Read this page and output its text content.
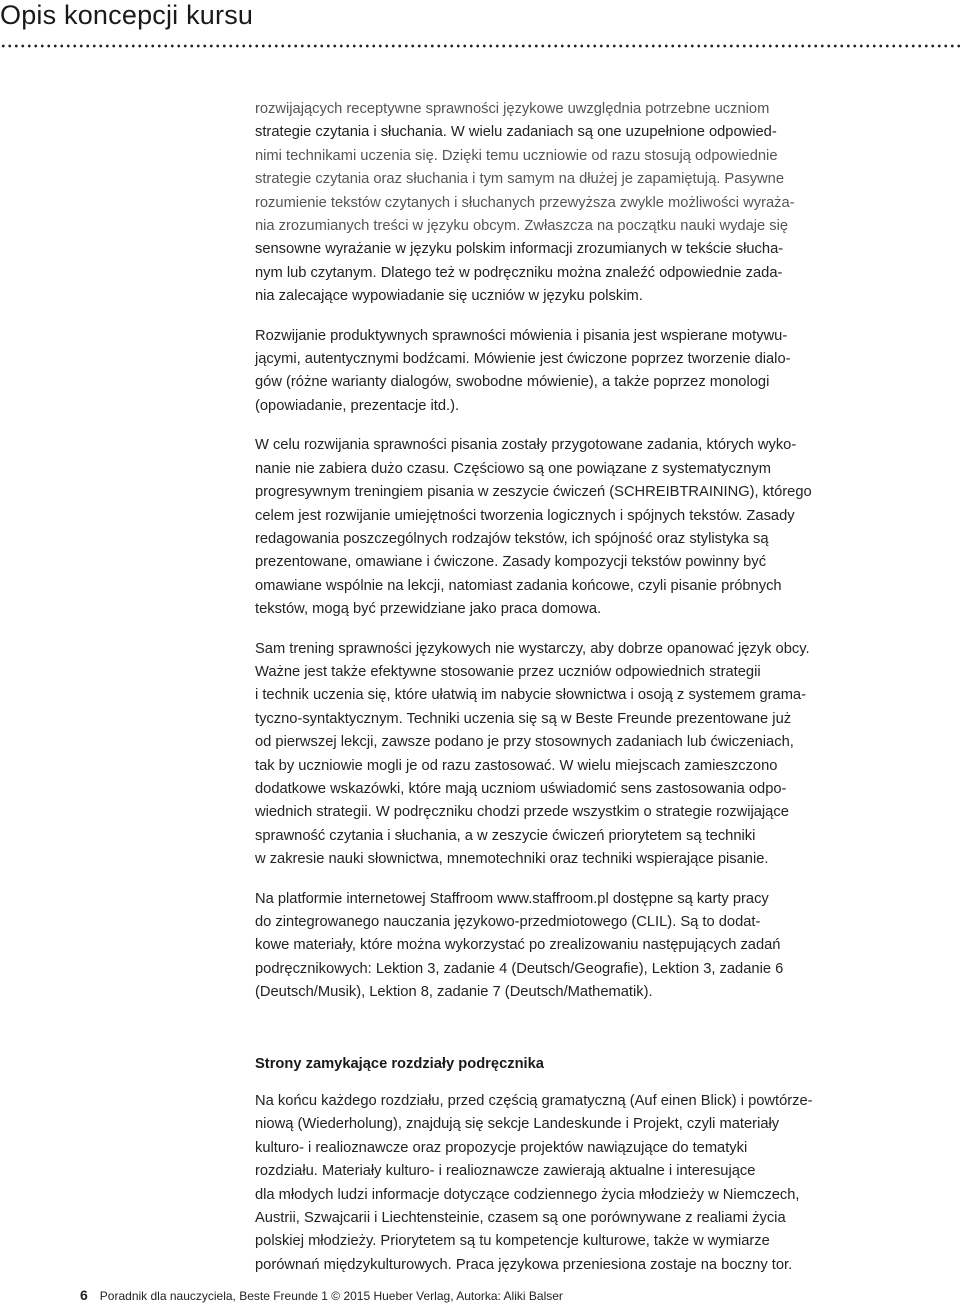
Opis koncepcji kursu

rozwijających receptywne sprawności językowe uwzględnia potrzebne uczniom
strategie czytania i słuchania. W wielu zadaniach są one uzupełnione odpowied-
nimi technikami uczenia się. Dzięki temu uczniowie od razu stosują odpowiednie
strategie czytania oraz słuchania i tym samym na dłużej je zapamiętują. Pasywne
rozumienie tekstów czytanych i słuchanych przewyższa zwykle możliwości wyraża-
nia zrozumianych treści w języku obcym. Zwłaszcza na początku nauki wydaje się
sensowne wyrażanie w języku polskim informacji zrozumianych w tekście słucha-
nym lub czytanym. Dlatego też w podręczniku można znaleźć odpowiednie zada-
nia zalecające wypowiadanie się uczniów w języku polskim.

Rozwijanie produktywnych sprawności mówienia i pisania jest wspierane motywu-
jącymi, autentycznymi bodźcami. Mówienie jest ćwiczone poprzez tworzenie dialo-
gów (różne warianty dialogów, swobodne mówienie), a także poprzez monologi
(opowiadanie, prezentacje itd.).

W celu rozwijania sprawności pisania zostały przygotowane zadania, których wyko-
nanie nie zabiera dużo czasu. Częściowo są one powiązane z systematycznym
progresywnym treningiem pisania w zeszycie ćwiczeń (SCHREIBTRAINING), którego
celem jest rozwijanie umiejętności tworzenia logicznych i spójnych tekstów. Zasady
redagowania poszczególnych rodzajów tekstów, ich spójność oraz stylistyka są
prezentowane, omawiane i ćwiczone. Zasady kompozycji tekstów powinny być
omawiane wspólnie na lekcji, natomiast zadania końcowe, czyli pisanie próbnych
tekstów, mogą być przewidziane jako praca domowa.

Sam trening sprawności językowych nie wystarczy, aby dobrze opanować język obcy.
Ważne jest także efektywne stosowanie przez uczniów odpowiednich strategii
i technik uczenia się, które ułatwią im nabycie słownictwa i osoją z systemem grama-
tyczno-syntaktycznym. Techniki uczenia się są w Beste Freunde prezentowane już
od pierwszej lekcji, zawsze podano je przy stosownych zadaniach lub ćwiczeniach,
tak by uczniowie mogli je od razu zastosować. W wielu miejscach zamieszczono
dodatkowe wskazówki, które mają uczniom uświadomić sens zastosowania odpo-
wiednich strategii. W podręczniku chodzi przede wszystkim o strategie rozwijające
sprawność czytania i słuchania, a w zeszycie ćwiczeń priorytetem są techniki
w zakresie nauki słownictwa, mnemotechniki oraz techniki wspierające pisanie.

Na platformie internetowej Staffroom www.staffroom.pl dostępne są karty pracy
do zintegrowanego nauczania językowo-przedmiotowego (CLIL). Są to dodat-
kowe materiały, które można wykorzystać po zrealizowaniu następujących zadań
podręcznikowych: Lektion 3, zadanie 4 (Deutsch/Geografie), Lektion 3, zadanie 6
(Deutsch/Musik), Lektion 8, zadanie 7 (Deutsch/Mathematik).

Strony zamykające rozdziały podręcznika

Na końcu każdego rozdziału, przed częścią gramatyczną (Auf einen Blick) i powtórze-
niową (Wiederholung), znajdują się sekcje Landeskunde i Projekt, czyli materiały
kulturo- i realioznawcze oraz propozycje projektów nawiązujące do tematyki
rozdziału. Materiały kulturo- i realioznawcze zawierają aktualne i interesujące
dla młodych ludzi informacje dotyczące codziennego życia młodzieży w Niemczech,
Austrii, Szwajcarii i Liechtensteinie, czasem są one porównywane z realiami życia
polskiej młodzieży. Priorytetem są tu kompetencje kulturowe, także w wymiarze
porównań międzykulturowych. Praca językowa przeniesiona zostaje na boczny tor.

6 Poradnik dla nauczyciela, Beste Freunde 1 © 2015 Hueber Verlag, Autorka: Aliki Balser
